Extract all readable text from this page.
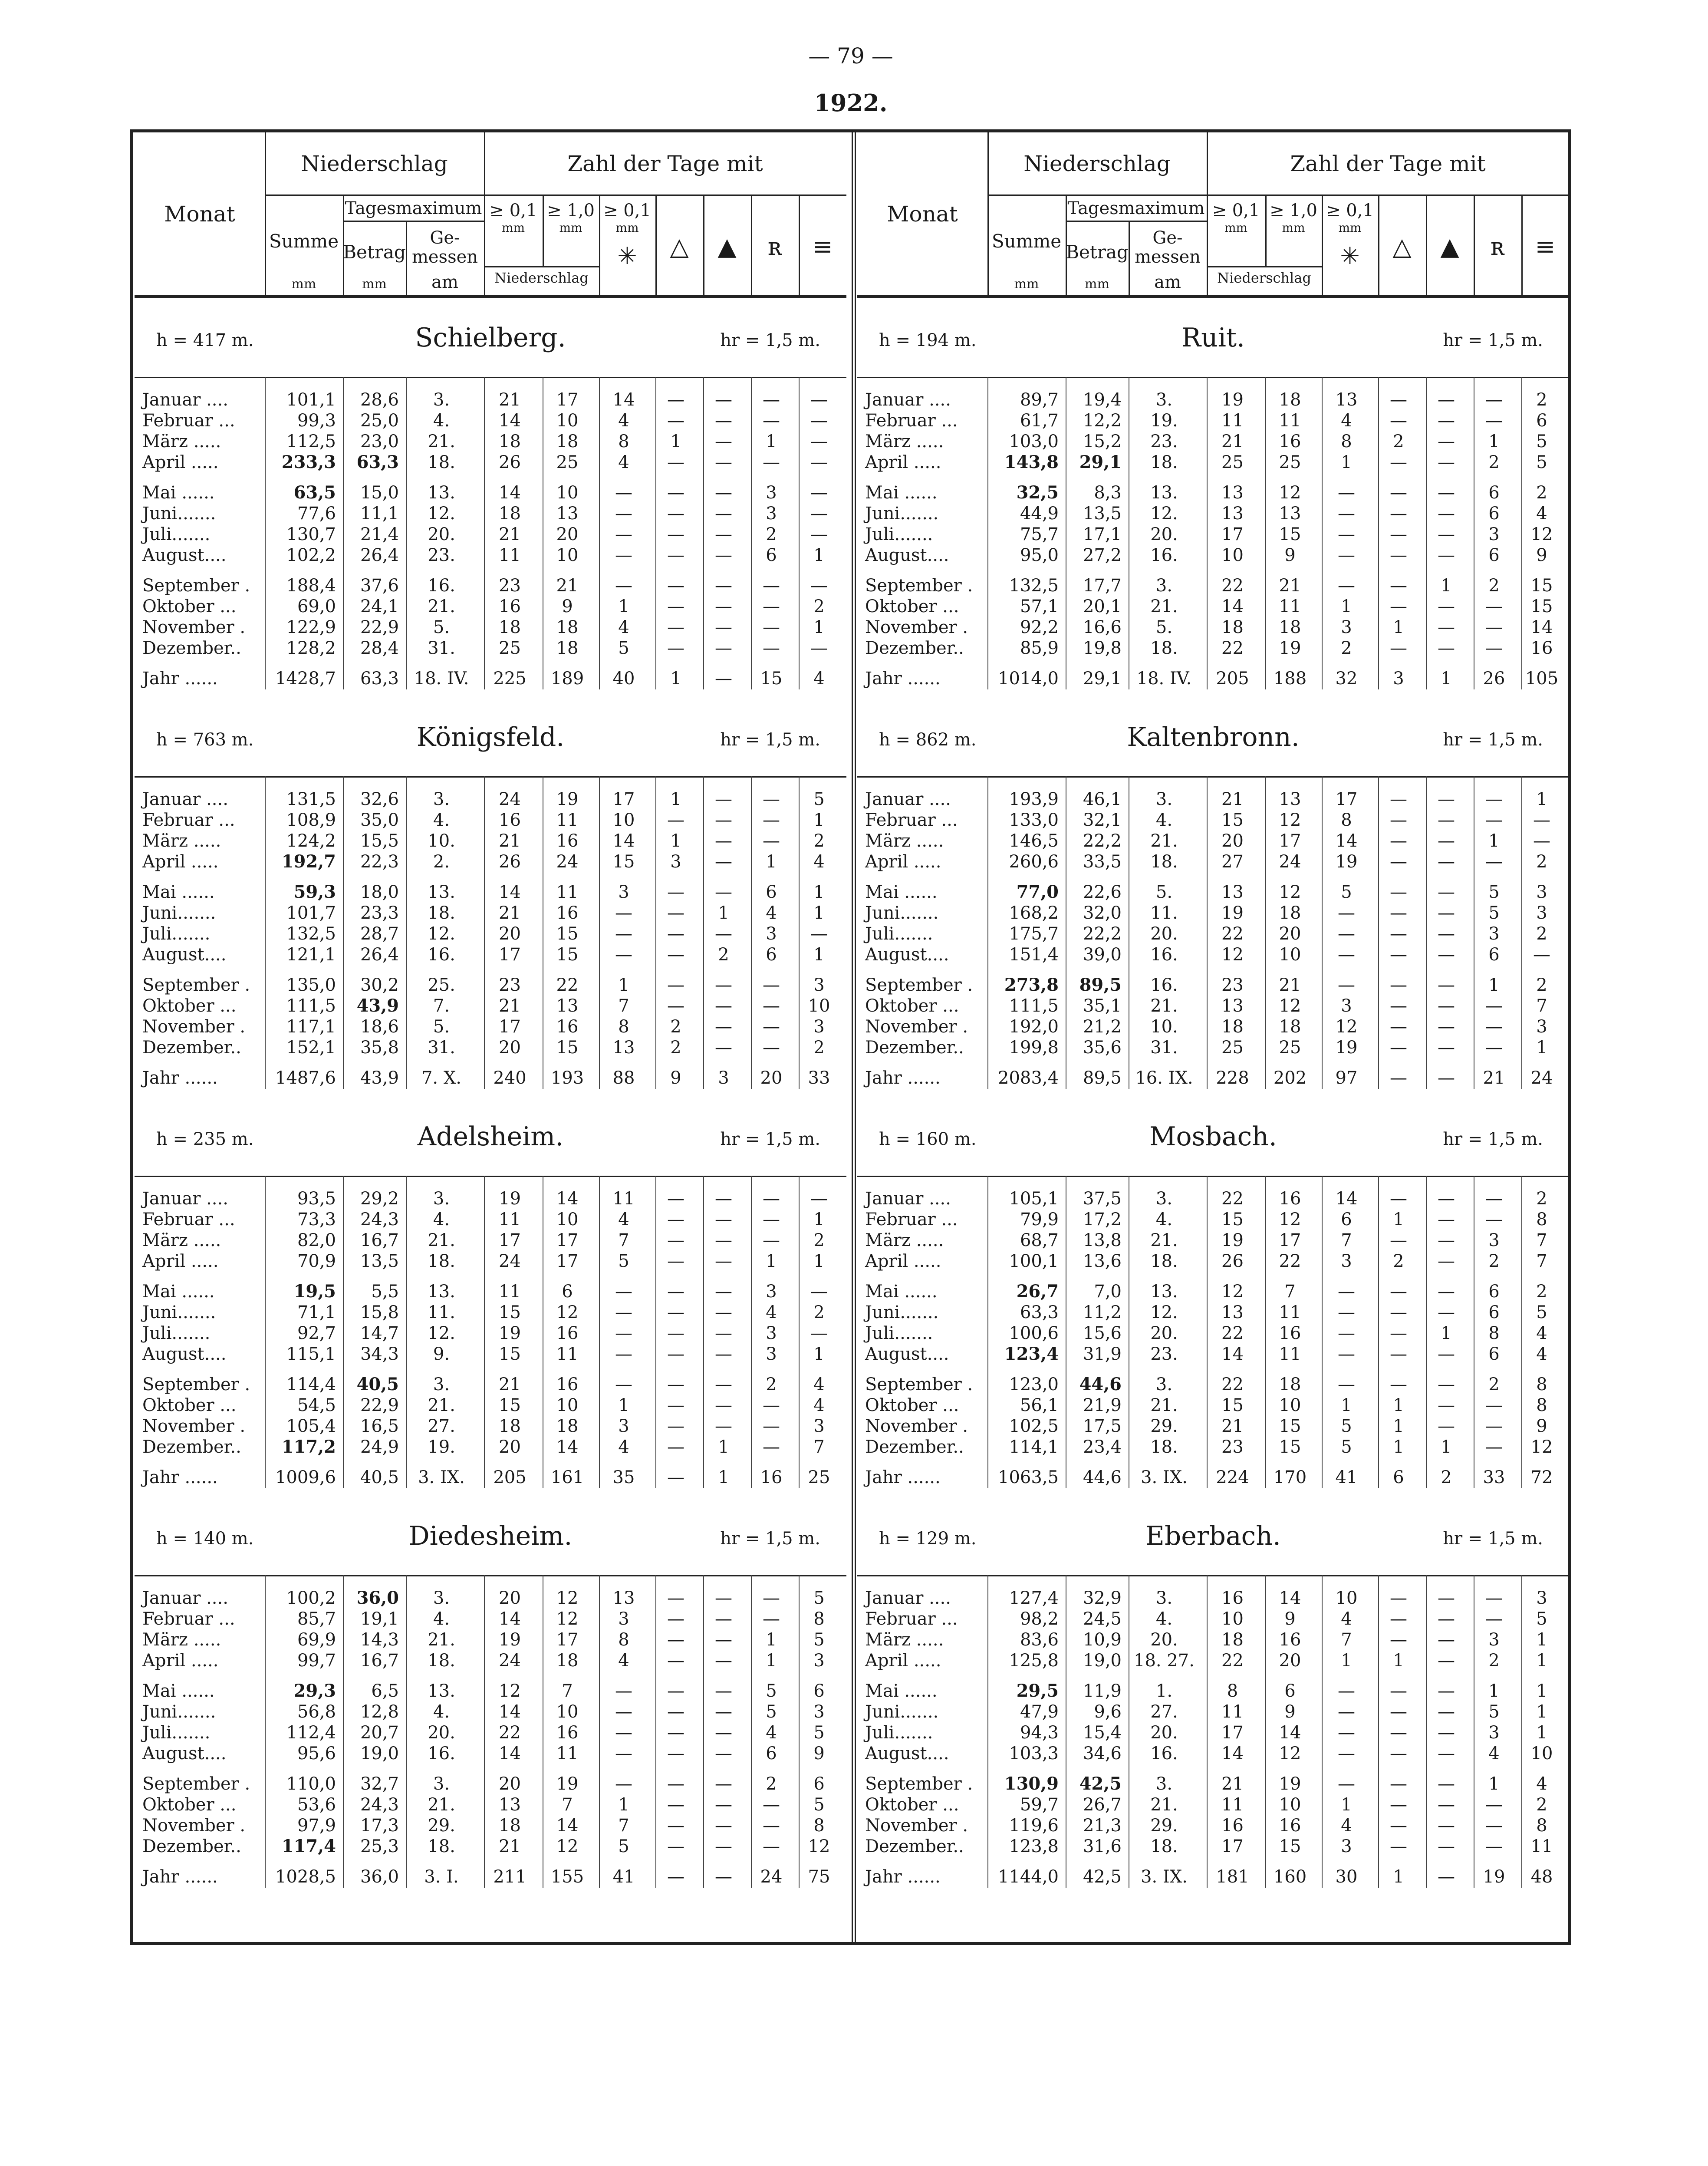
— 79 —
1922.
Monat
Niederschlag	Zahl der Tage mit
Summe
mm
Tagesmaximum
Betrag
mm
Ge-messen
am
≥ 0,1 ≥ 1,0 ≥ 0,1
mm	mm	mm
Niederschlag
✳	△	▲	ʀ	≡
h = 417 m.	Schielberg.	hr = 1,5 m.
Januar ....	101,1	28,6	3.	21	17	14	—	—	—	—
Februar ...	99,3	25,0	4.	14	10	4	—	—	—	—
März .....	112,5	23,0	21.	18	18	8	1	—	1	—
April .....	233,3	63,3	18.	26	25	4	—	—	—	—
Mai ......	63,5	15,0	13.	14	10	—	—	—	3	—
Juni.......	77,6	11,1	12.	18	13	—	—	—	3	—
Juli.......	130,7	21,4	20.	21	20	—	—	—	2	—
August....	102,2	26,4	23.	11	10	—	—	—	6	1
September .	188,4	37,6	16.	23	21	—	—	—	—	—
Oktober ...	69,0	24,1	21.	16	9	1	—	—	—	2
November .	122,9	22,9	5.	18	18	4	—	—	—	1
Dezember..	128,2	28,4	31.	25	18	5	—	—	—	—
Jahr ......	1428,7	63,3 18. IV.	225	189	40	1	—	15	4
h = 763 m.	Königsfeld.	hr = 1,5 m.
Januar ....	131,5	32,6	3.	24	19	17	1	—	—	5
Februar ...	108,9	35,0	4.	16	11	10	—	—	—	1
März .....	124,2	15,5	10.	21	16	14	1	—	—	2
April .....	192,7	22,3	2.	26	24	15	3	—	1	4
Mai ......	59,3	18,0	13.	14	11	3	—	—	6	1
Juni.......	101,7	23,3	18.	21	16	—	—	1	4	1
Juli.......	132,5	28,7	12.	20	15	—	—	—	3	—
August....	121,1	26,4	16.	17	15	—	—	2	6	1
September .	135,0	30,2	25.	23	22	1	—	—	—	3
Oktober ...	111,5	43,9	7.	21	13	7	—	—	—	10
November .	117,1	18,6	5.	17	16	8	2	—	—	3
Dezember..	152,1	35,8	31.	20	15	13	2	—	—	2
Jahr ......	1487,6	43,9	7. X.	240	193	88	9	3	20	33
h = 235 m.	Adelsheim.	hr = 1,5 m.
Januar ....	93,5	29,2	3.	19	14	11	—	—	—	—
Februar ...	73,3	24,3	4.	11	10	4	—	—	—	1
März .....	82,0	16,7	21.	17	17	7	—	—	—	2
April .....	70,9	13,5	18.	24	17	5	—	—	1	1
Mai ......	19,5	5,5	13.	11	6	—	—	—	3	—
Juni.......	71,1	15,8	11.	15	12	—	—	—	4	2
Juli.......	92,7	14,7	12.	19	16	—	—	—	3	—
August....	115,1	34,3	9.	15	11	—	—	—	3	1
September .	114,4	40,5	3.	21	16	—	—	—	2	4
Oktober ...	54,5	22,9	21.	15	10	1	—	—	—	4
November .	105,4	16,5	27.	18	18	3	—	—	—	3
Dezember..	117,2	24,9	19.	20	14	4	—	1	—	7
Jahr ......	1009,6	40,5	3. IX.	205	161	35	—	1	16	25
h = 140 m.	Diedesheim.	hr = 1,5 m.
Januar ....	100,2	36,0	3.	20	12	13	—	—	—	5
Februar ...	85,7	19,1	4.	14	12	3	—	—	—	8
März .....	69,9	14,3	21.	19	17	8	—	—	1	5
April .....	99,7	16,7	18.	24	18	4	—	—	1	3
Mai ......	29,3	6,5	13.	12	7	—	—	—	5	6
Juni.......	56,8	12,8	4.	14	10	—	—	—	5	3
Juli.......	112,4	20,7	20.	22	16	—	—	—	4	5
August....	95,6	19,0	16.	14	11	—	—	—	6	9
September .	110,0	32,7	3.	20	19	—	—	—	2	6
Oktober ...	53,6	24,3	21.	13	7	1	—	—	—	5
November .	97,9	17,3	29.	18	14	7	—	—	—	8
Dezember..	117,4	25,3	18.	21	12	5	—	—	—	12
Jahr ......	1028,5	36,0	3. I.	211	155	41	—	—	24	75
Monat
Niederschlag	Zahl der Tage mit
Summe
mm
Tagesmaximum
Betrag
mm
Ge-messen
am
≥ 0,1 ≥ 1,0 ≥ 0,1
mm	mm	mm
Niederschlag
✳	△	▲	ʀ	≡
h = 194 m.	Ruit.	hr = 1,5 m.
Januar ....	89,7	19,4	3.	19	18	13	—	—	—	2
Februar ...	61,7	12,2	19.	11	11	4	—	—	—	6
März .....	103,0	15,2	23.	21	16	8	2	—	1	5
April .....	143,8	29,1	18.	25	25	1	—	—	2	5
Mai ......	32,5	8,3	13.	13	12	—	—	—	6	2
Juni.......	44,9	13,5	12.	13	13	—	—	—	6	4
Juli.......	75,7	17,1	20.	17	15	—	—	—	3	12
August....	95,0	27,2	16.	10	9	—	—	—	6	9
September .	132,5	17,7	3.	22	21	—	—	1	2	15
Oktober ...	57,1	20,1	21.	14	11	1	—	—	—	15
November .	92,2	16,6	5.	18	18	3	1	—	—	14
Dezember..	85,9	19,8	18.	22	19	2	—	—	—	16
Jahr ......	1014,0	29,1 18. IV.	205	188	32	3	1	26	105
h = 862 m.	Kaltenbronn.	hr = 1,5 m.
Januar ....	193,9	46,1	3.	21	13	17	—	—	—	1
Februar ...	133,0	32,1	4.	15	12	8	—	—	—	—
März .....	146,5	22,2	21.	20	17	14	—	—	1	—
April .....	260,6	33,5	18.	27	24	19	—	—	—	2
Mai ......	77,0	22,6	5.	13	12	5	—	—	5	3
Juni.......	168,2	32,0	11.	19	18	—	—	—	5	3
Juli.......	175,7	22,2	20.	22	20	—	—	—	3	2
August....	151,4	39,0	16.	12	10	—	—	—	6	—
September .	273,8	89,5	16.	23	21	—	—	—	1	2
Oktober ...	111,5	35,1	21.	13	12	3	—	—	—	7
November .	192,0	21,2	10.	18	18	12	—	—	—	3
Dezember..	199,8	35,6	31.	25	25	19	—	—	—	1
Jahr ......	2083,4	89,5 16. IX.	228	202	97	—	—	21	24
h = 160 m.	Mosbach.	hr = 1,5 m.
Januar ....	105,1	37,5	3.	22	16	14	—	—	—	2
Februar ...	79,9	17,2	4.	15	12	6	1	—	—	8
März .....	68,7	13,8	21.	19	17	7	—	—	3	7
April .....	100,1	13,6	18.	26	22	3	2	—	2	7
Mai ......	26,7	7,0	13.	12	7	—	—	—	6	2
Juni.......	63,3	11,2	12.	13	11	—	—	—	6	5
Juli.......	100,6	15,6	20.	22	16	—	—	1	8	4
August....	123,4	31,9	23.	14	11	—	—	—	6	4
September .	123,0	44,6	3.	22	18	—	—	—	2	8
Oktober ...	56,1	21,9	21.	15	10	1	1	—	—	8
November .	102,5	17,5	29.	21	15	5	1	—	—	9
Dezember..	114,1	23,4	18.	23	15	5	1	1	—	12
Jahr ......	1063,5	44,6	3. IX.	224	170	41	6	2	33	72
h = 129 m.	Eberbach.	hr = 1,5 m.
Januar ....	127,4	32,9	3.	16	14	10	—	—	—	3
Februar ...	98,2	24,5	4.	10	9	4	—	—	—	5
März .....	83,6	10,9	20.	18	16	7	—	—	3	1
April .....	125,8	19,0 18. 27.	22	20	1	1	—	2	1
Mai ......	29,5	11,9	1.	8	6	—	—	—	1	1
Juni.......	47,9	9,6	27.	11	9	—	—	—	5	1
Juli.......	94,3	15,4	20.	17	14	—	—	—	3	1
August....	103,3	34,6	16.	14	12	—	—	—	4	10
September .	130,9	42,5	3.	21	19	—	—	—	1	4
Oktober ...	59,7	26,7	21.	11	10	1	—	—	—	2
November .	119,6	21,3	29.	16	16	4	—	—	—	8
Dezember..	123,8	31,6	18.	17	15	3	—	—	—	11
Jahr ......	1144,0	42,5	3. IX.	181	160	30	1	—	19	48
